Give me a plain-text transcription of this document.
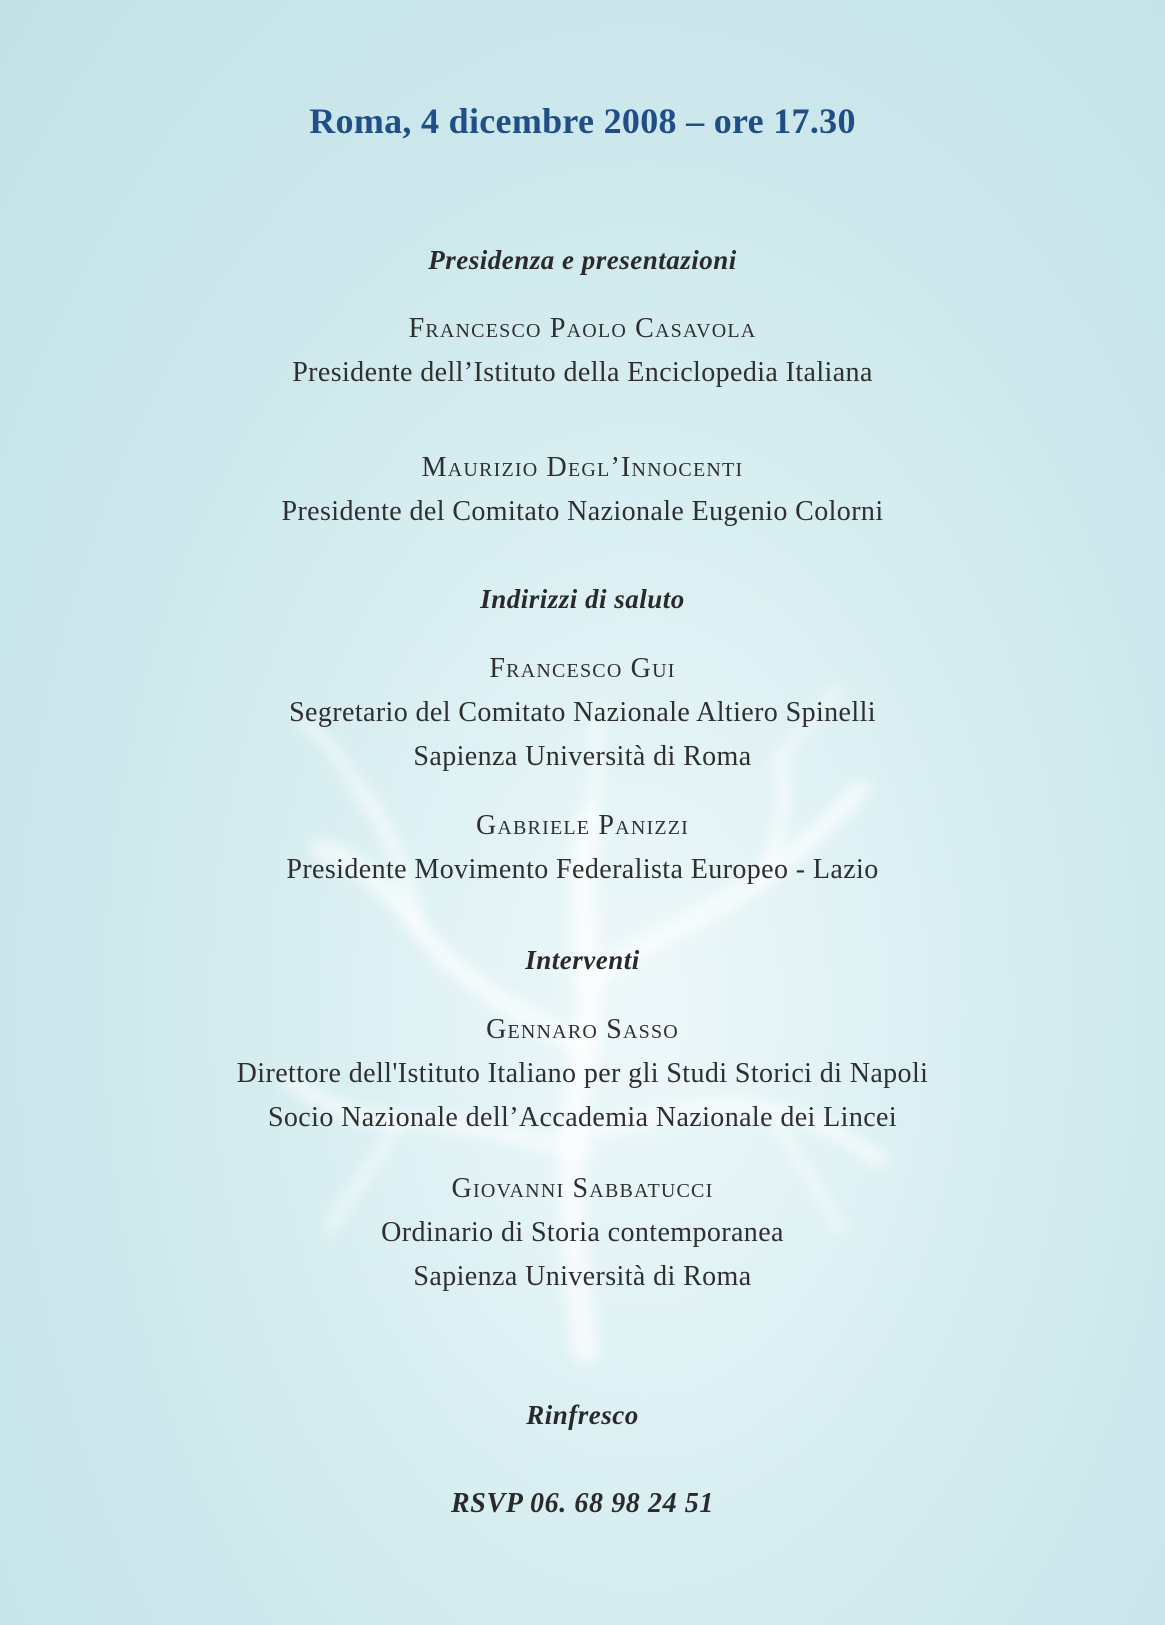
Roma, 4 dicembre 2008 – ore 17.30
Presidenza e presentazioni
Francesco Paolo Casavola
Presidente dell’Istituto della Enciclopedia Italiana
Maurizio Degl’Innocenti
Presidente del Comitato Nazionale Eugenio Colorni
Indirizzi di saluto
Francesco Gui
Segretario del Comitato Nazionale Altiero Spinelli
Sapienza Università di Roma
Gabriele Panizzi
Presidente Movimento Federalista Europeo - Lazio
Interventi
Gennaro Sasso
Direttore dell'Istituto Italiano per gli Studi Storici di Napoli
Socio Nazionale dell’Accademia Nazionale dei Lincei
Giovanni Sabbatucci
Ordinario di Storia contemporanea
Sapienza Università di Roma
Rinfresco
RSVP 06. 68 98 24 51
